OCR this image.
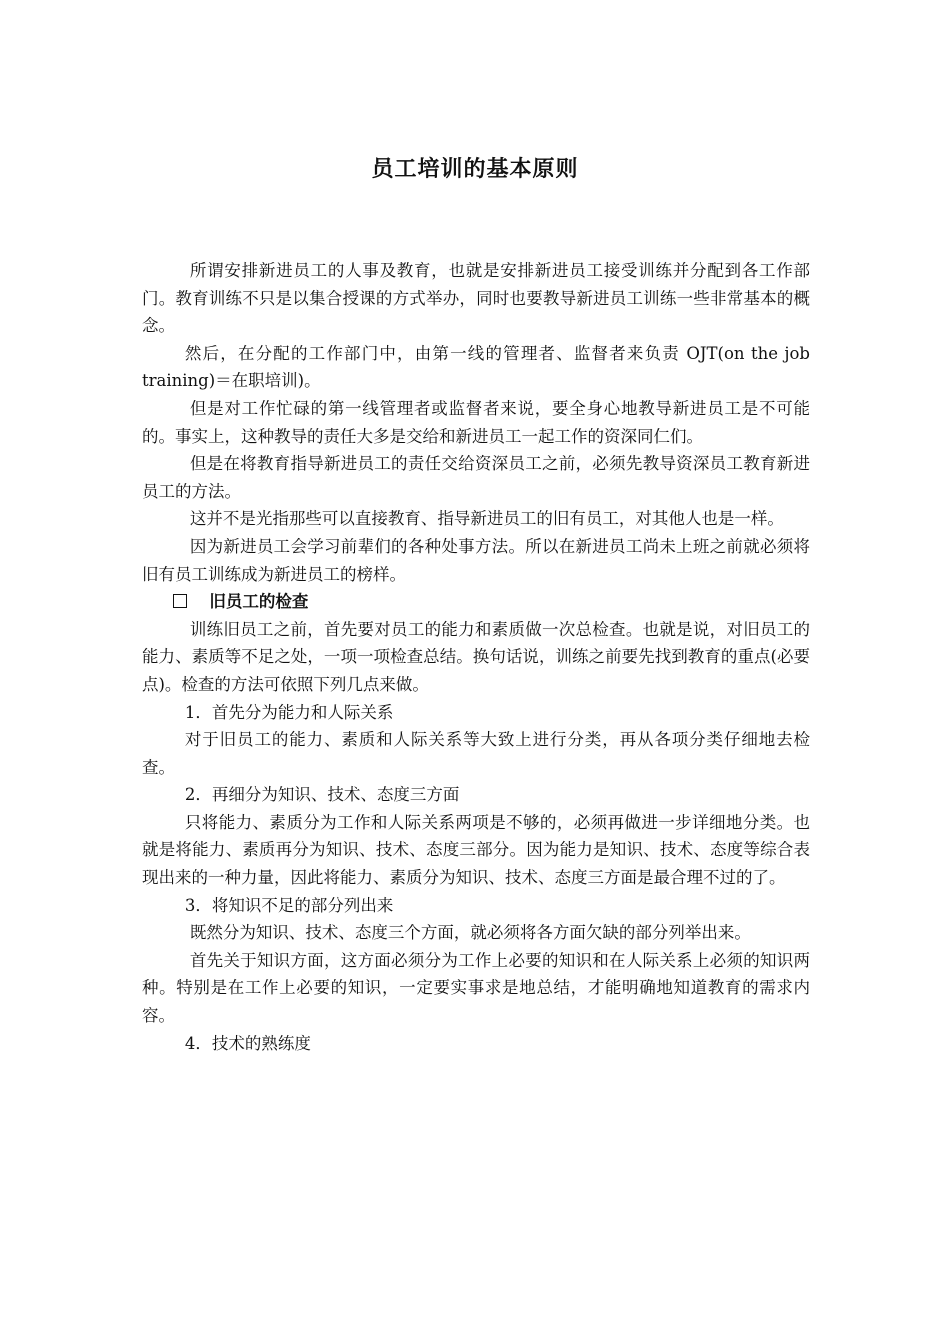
员工培训的基本原则

所谓安排新进员工的人事及教育，也就是安排新进员工接受训练并分配到各工作部门。教育训练不只是以集合授课的方式举办，同时也要教导新进员工训练一些非常基本的概念。

然后，在分配的工作部门中，由第一线的管理者、监督者来负责 OJT(on the job training)＝在职培训)。

但是对工作忙碌的第一线管理者或监督者来说，要全身心地教导新进员工是不可能的。事实上，这种教导的责任大多是交给和新进员工一起工作的资深同仁们。

但是在将教育指导新进员工的责任交给资深员工之前，必须先教导资深员工教育新进员工的方法。

这并不是光指那些可以直接教育、指导新进员工的旧有员工，对其他人也是一样。

因为新进员工会学习前辈们的各种处事方法。所以在新进员工尚未上班之前就必须将旧有员工训练成为新进员工的榜样。

旧员工的检查

训练旧员工之前，首先要对员工的能力和素质做一次总检查。也就是说，对旧员工的能力、素质等不足之处，一项一项检查总结。换句话说，训练之前要先找到教育的重点(必要点)。检查的方法可依照下列几点来做。

1．首先分为能力和人际关系

对于旧员工的能力、素质和人际关系等大致上进行分类，再从各项分类仔细地去检查。

2．再细分为知识、技术、态度三方面

只将能力、素质分为工作和人际关系两项是不够的，必须再做进一步详细地分类。也就是将能力、素质再分为知识、技术、态度三部分。因为能力是知识、技术、态度等综合表现出来的一种力量，因此将能力、素质分为知识、技术、态度三方面是最合理不过的了。

3．将知识不足的部分列出来

既然分为知识、技术、态度三个方面，就必须将各方面欠缺的部分列举出来。

首先关于知识方面，这方面必须分为工作上必要的知识和在人际关系上必须的知识两种。特别是在工作上必要的知识，一定要实事求是地总结，才能明确地知道教育的需求内容。

4．技术的熟练度
